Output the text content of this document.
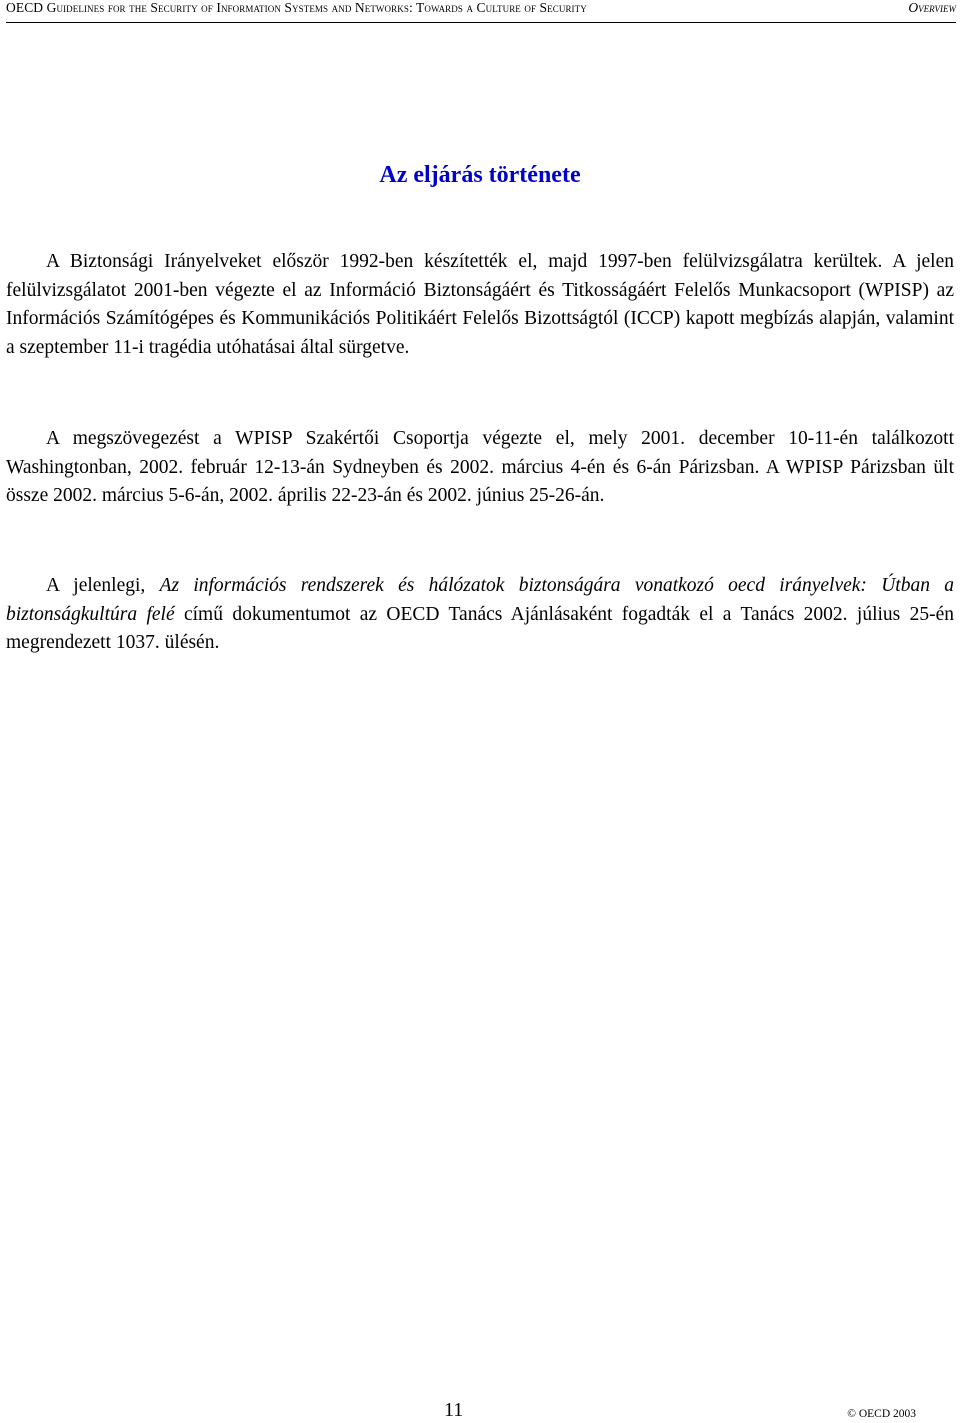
OECD Guidelines for the Security of Information Systems and Networks: Towards a Culture of Security	Overview
Az eljárás története

A Biztonsági Irányelveket először 1992-ben készítették el, majd 1997-ben felülvizsgálatra kerültek. A jelen felülvizsgálatot 2001-ben végezte el az Információ Biztonságáért és Titkosságáért Felelős Munkacsoport (WPISP) az Információs Számítógépes és Kommunikációs Politikáért Felelős Bizottságtól (ICCP) kapott megbízás alapján, valamint a szeptember 11-i tragédia utóhatásai által sürgetve.

A megszövegezést a WPISP Szakértői Csoportja végezte el, mely 2001. december 10-11-én találkozott Washingtonban, 2002. február 12-13-án Sydneyben és 2002. március 4-én és 6-án Párizsban. A WPISP Párizsban ült össze 2002. március 5-6-án, 2002. április 22-23-án és 2002. június 25-26-án.

A jelenlegi, Az információs rendszerek és hálózatok biztonságára vonatkozó oecd irányelvek: Útban a biztonságkultúra felé című dokumentumot az OECD Tanács Ajánlásaként fogadták el a Tanács 2002. július 25-én megrendezett 1037. ülésén.

11	© OECD 2003
